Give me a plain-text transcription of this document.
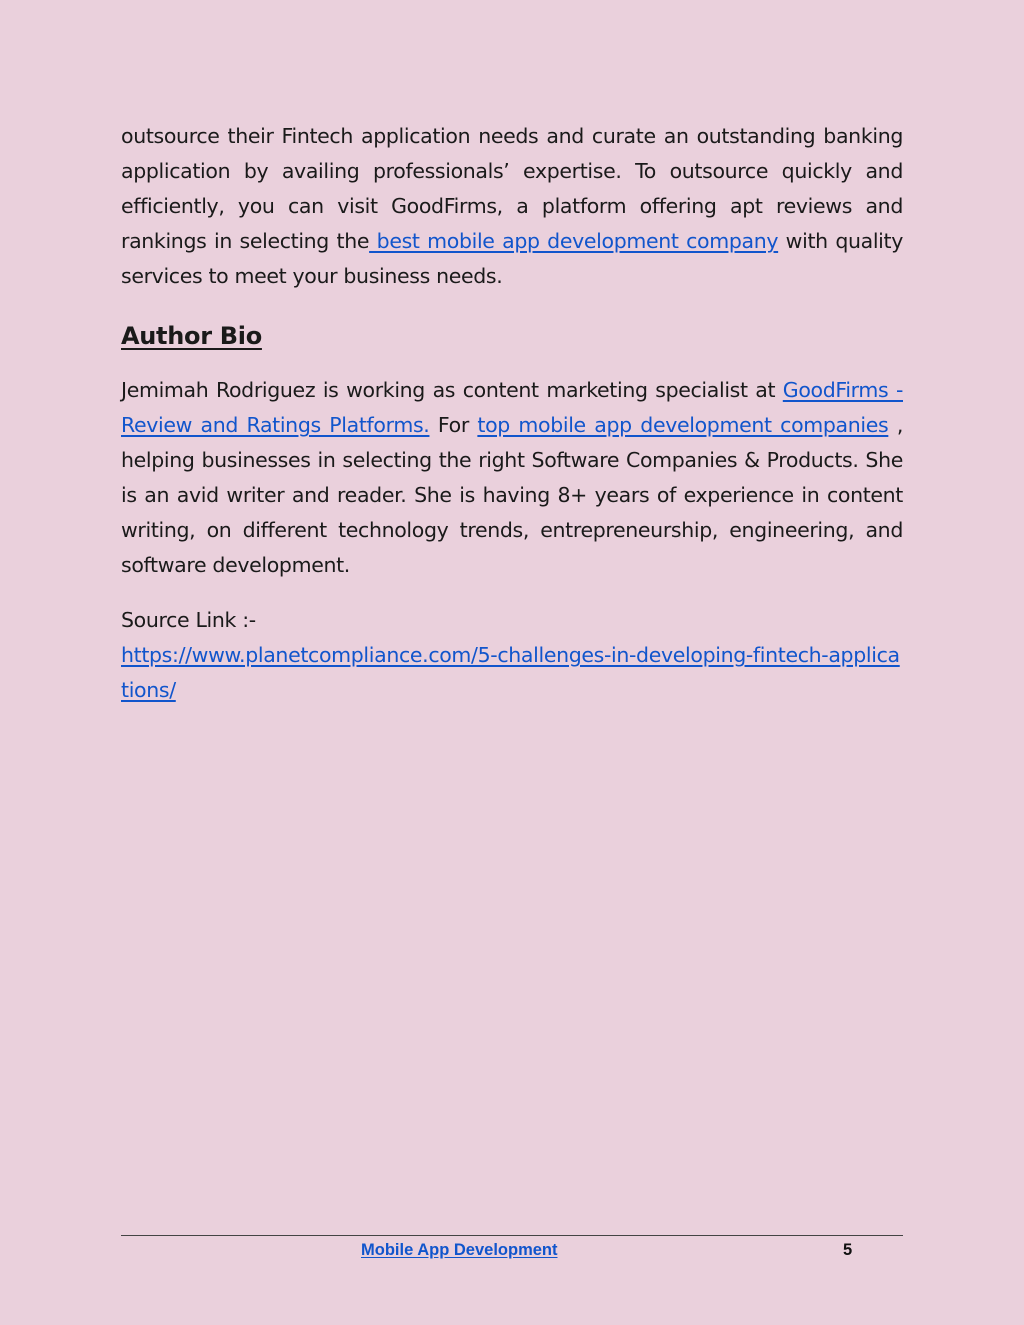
outsource their Fintech application needs and curate an outstanding banking application by availing professionals’ expertise. To outsource quickly and efficiently, you can visit GoodFirms, a platform offering apt reviews and rankings in selecting the best mobile app development company with quality services to meet your business needs.

Author Bio

Jemimah Rodriguez is working as content marketing specialist at GoodFirms - Review and Ratings Platforms. For top mobile app development companies , helping businesses in selecting the right Software Companies & Products. She is an avid writer and reader. She is having 8+ years of experience in content writing, on different technology trends, entrepreneurship, engineering, and software development.

Source Link :-
https://www.planetcompliance.com/5-challenges-in-developing-fintech-applications/

Mobile App Development	5
